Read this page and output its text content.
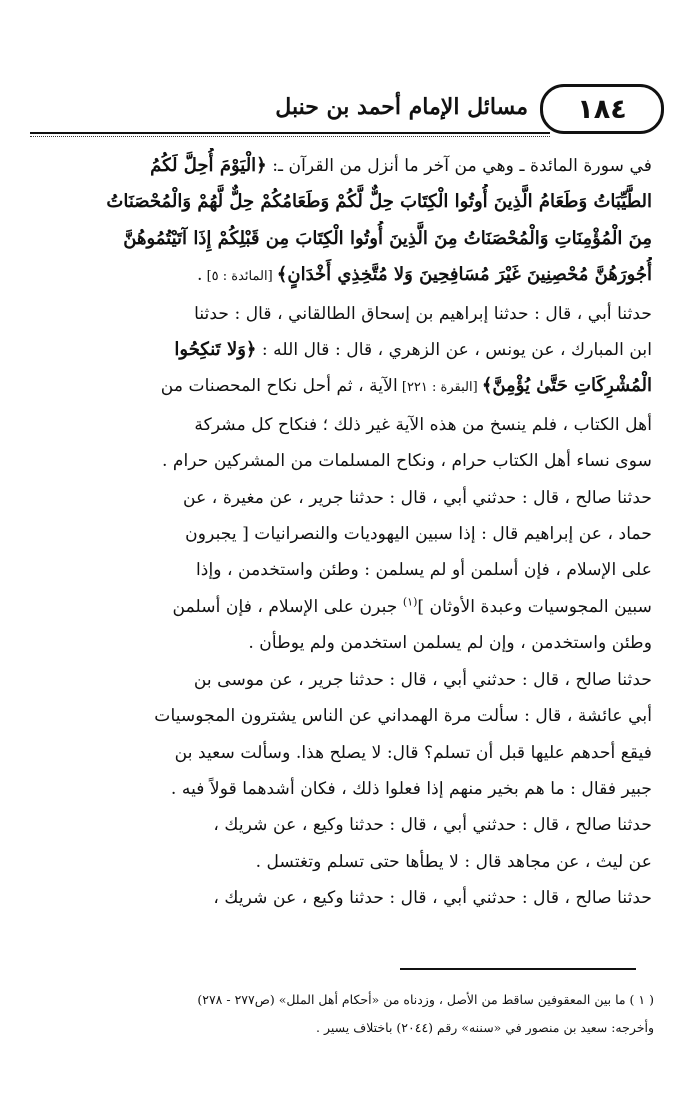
١٨٤
مسائل الإمام أحمد بن حنبل
في سورة المائدة ـ وهي من آخر ما أنزل من القرآن ـ: ﴿الْيَوْمَ أُحِلَّ لَكُمُ
الطَّيِّبَاتُ وَطَعَامُ الَّذِينَ أُوتُوا الْكِتَابَ حِلٌّ لَّكُمْ وَطَعَامُكُمْ حِلٌّ لَّهُمْ وَالْمُحْصَنَاتُ
مِنَ الْمُؤْمِنَاتِ وَالْمُحْصَنَاتُ مِنَ الَّذِينَ أُوتُوا الْكِتَابَ مِن قَبْلِكُمْ إِذَا آتَيْتُمُوهُنَّ
أُجُورَهُنَّ مُحْصِنِينَ غَيْرَ مُسَافِحِينَ وَلا مُتَّخِذِي أَخْدَانٍ﴾ [المائدة : ٥] .
حدثنا أبي ، قال : حدثنا إبراهيم بن إسحاق الطالقاني ، قال : حدثنا
ابن المبارك ، عن يونس ، عن الزهري ، قال : قال الله : ﴿وَلا تَنكِحُوا
الْمُشْرِكَاتِ حَتَّىٰ يُؤْمِنَّ﴾ [البقرة : ٢٢١] الآية ، ثم أحل نكاح المحصنات من
أهل الكتاب ، فلم ينسخ من هذه الآية غير ذلك ؛ فنكاح كل مشركة
سوى نساء أهل الكتاب حرام ، ونكاح المسلمات من المشركين حرام .
حدثنا صالح ، قال : حدثني أبي ، قال : حدثنا جرير ، عن مغيرة ، عن
حماد ، عن إبراهيم قال : إذا سبين اليهوديات والنصرانيات [ يجبرون
على الإسلام ، فإن أسلمن أو لم يسلمن : وطئن واستخدمن ، وإذا
سبين المجوسيات وعبدة الأوثان ]$^{(١)}$ جبرن على الإسلام ، فإن أسلمن
وطئن واستخدمن ، وإن لم يسلمن استخدمن ولم يوطأن .
حدثنا صالح ، قال : حدثني أبي ، قال : حدثنا جرير ، عن موسى بن
أبي عائشة ، قال : سألت مرة الهمداني عن الناس يشترون المجوسيات
فيقع أحدهم عليها قبل أن تسلم؟ قال: لا يصلح هذا. وسألت سعيد بن
جبير فقال : ما هم بخير منهم إذا فعلوا ذلك ، فكان أشدهما قولاً فيه .
حدثنا صالح ، قال : حدثني أبي ، قال : حدثنا وكيع ، عن شريك ،
عن ليث ، عن مجاهد قال : لا يطأها حتى تسلم وتغتسل .
حدثنا صالح ، قال : حدثني أبي ، قال : حدثنا وكيع ، عن شريك ،
( ١ ) ما بين المعقوفين ساقط من الأصل ، وزدناه من «أحكام أهل الملل» (ص٢٧٧ - ٢٧٨)
وأخرجه: سعيد بن منصور في «سننه» رقم (٢٠٤٤) باختلاف يسير .
